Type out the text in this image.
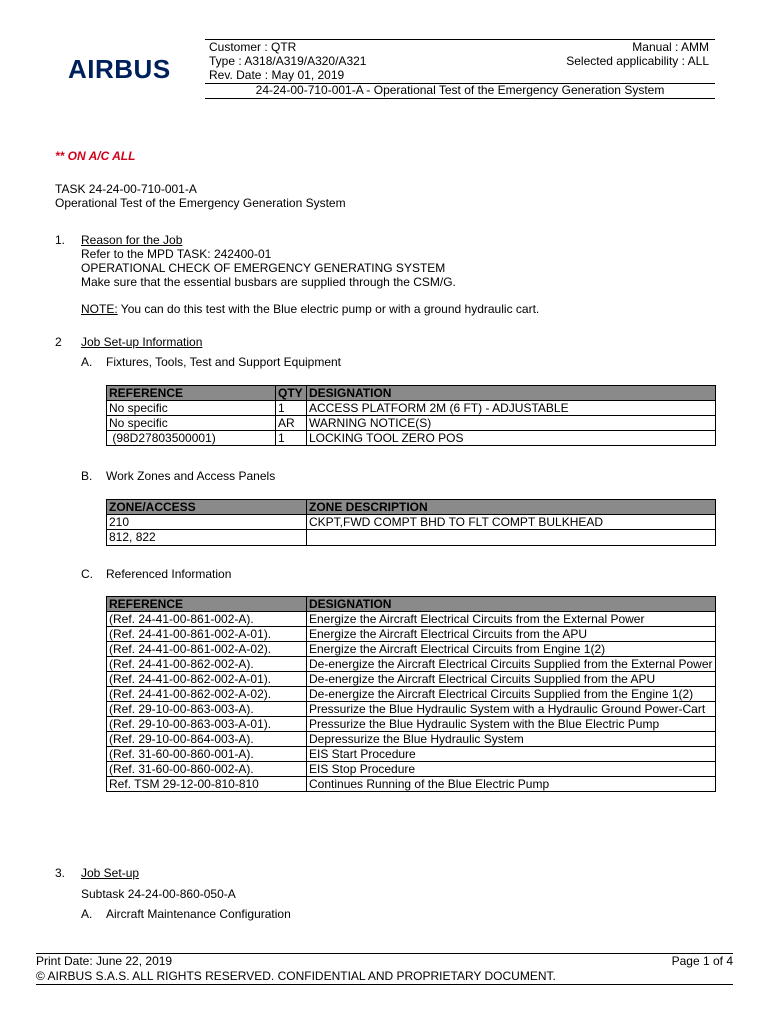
AIRBUS
Customer : QTR	Manual : AMM
Type : A318/A319/A320/A321	Selected applicability : ALL
Rev. Date : May 01, 2019
24-24-00-710-001-A - Operational Test of the Emergency Generation System
** ON A/C ALL
TASK 24-24-00-710-001-A
Operational Test of the Emergency Generation System
1. Reason for the Job
Refer to the MPD TASK: 242400-01
OPERATIONAL CHECK OF EMERGENCY GENERATING SYSTEM
Make sure that the essential busbars are supplied through the CSM/G.
NOTE: You can do this test with the Blue electric pump or with a ground hydraulic cart.
2 Job Set-up Information
A. Fixtures, Tools, Test and Support Equipment
REFERENCE	QTY	DESIGNATION
No specific	1	ACCESS PLATFORM 2M (6 FT) - ADJUSTABLE
No specific	AR	WARNING NOTICE(S)
(98D27803500001)	1	LOCKING TOOL ZERO POS
B. Work Zones and Access Panels
ZONE/ACCESS	ZONE DESCRIPTION
210	CKPT,FWD COMPT BHD TO FLT COMPT BULKHEAD
812, 822	
C. Referenced Information
REFERENCE	DESIGNATION
(Ref. 24-41-00-861-002-A).	Energize the Aircraft Electrical Circuits from the External Power
(Ref. 24-41-00-861-002-A-01).	Energize the Aircraft Electrical Circuits from the APU
(Ref. 24-41-00-861-002-A-02).	Energize the Aircraft Electrical Circuits from Engine 1(2)
(Ref. 24-41-00-862-002-A).	De-energize the Aircraft Electrical Circuits Supplied from the External Power
(Ref. 24-41-00-862-002-A-01).	De-energize the Aircraft Electrical Circuits Supplied from the APU
(Ref. 24-41-00-862-002-A-02).	De-energize the Aircraft Electrical Circuits Supplied from the Engine 1(2)
(Ref. 29-10-00-863-003-A).	Pressurize the Blue Hydraulic System with a Hydraulic Ground Power-Cart
(Ref. 29-10-00-863-003-A-01).	Pressurize the Blue Hydraulic System with the Blue Electric Pump
(Ref. 29-10-00-864-003-A).	Depressurize the Blue Hydraulic System
(Ref. 31-60-00-860-001-A).	EIS Start Procedure
(Ref. 31-60-00-860-002-A).	EIS Stop Procedure
Ref. TSM 29-12-00-810-810	Continues Running of the Blue Electric Pump
3. Job Set-up
Subtask 24-24-00-860-050-A
A. Aircraft Maintenance Configuration
Print Date: June 22, 2019	Page 1 of 4
© AIRBUS S.A.S. ALL RIGHTS RESERVED. CONFIDENTIAL AND PROPRIETARY DOCUMENT.
